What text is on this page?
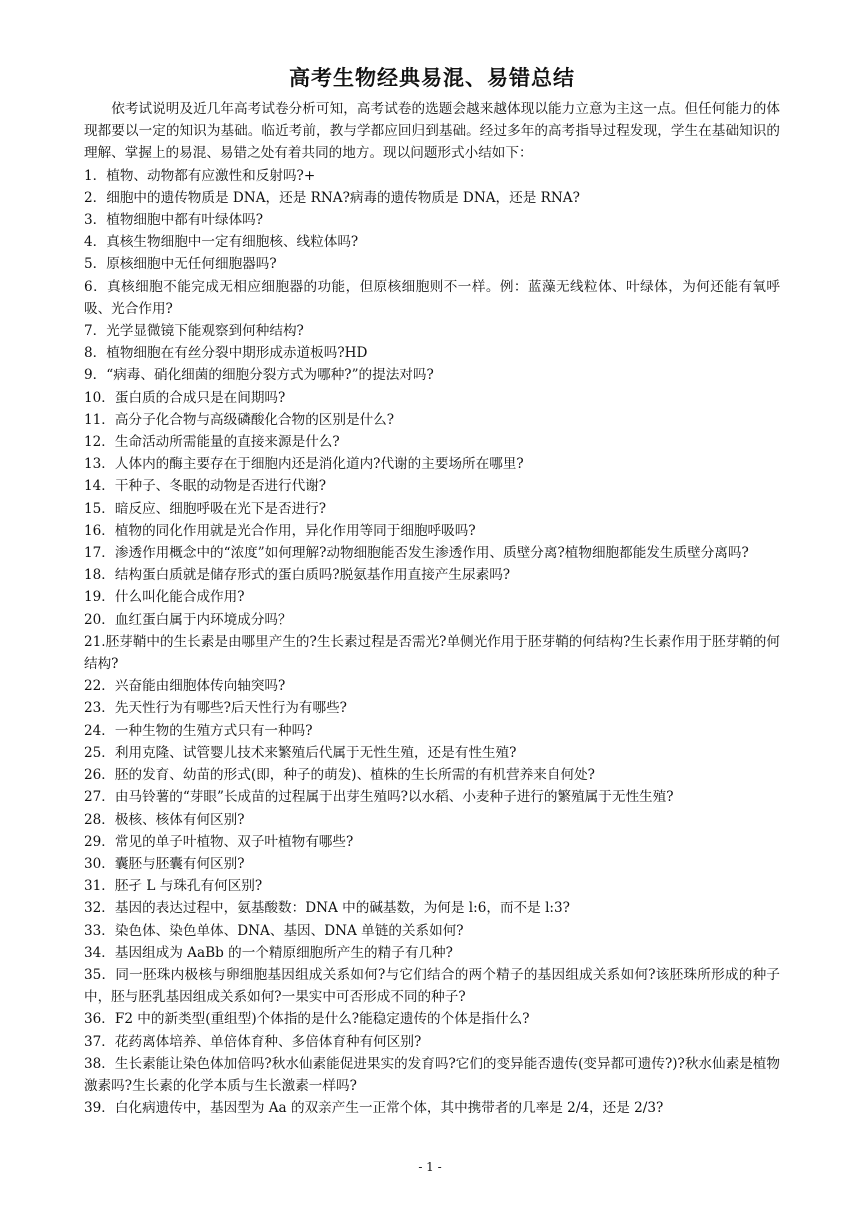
高考生物经典易混、易错总结

依考试说明及近几年高考试卷分析可知，高考试卷的选题会越来越体现以能力立意为主这一点。但任何能力的体现都要以一定的知识为基础。临近考前，教与学都应回归到基础。经过多年的高考指导过程发现，学生在基础知识的理解、掌握上的易混、易错之处有着共同的地方。现以问题形式小结如下：

1．植物、动物都有应激性和反射吗?+
2．细胞中的遗传物质是 DNA，还是 RNA?病毒的遗传物质是 DNA，还是 RNA?
3．植物细胞中都有叶绿体吗?
4．真核生物细胞中一定有细胞核、线粒体吗?
5．原核细胞中无任何细胞器吗?
6．真核细胞不能完成无相应细胞器的功能，但原核细胞则不一样。例：蓝藻无线粒体、叶绿体，为何还能有氧呼吸、光合作用?
7．光学显微镜下能观察到何种结构?
8．植物细胞在有丝分裂中期形成赤道板吗?HD
9．“病毒、硝化细菌的细胞分裂方式为哪种?”的提法对吗?
10．蛋白质的合成只是在间期吗?
11．高分子化合物与高级磷酸化合物的区别是什么?
12．生命活动所需能量的直接来源是什么?
13．人体内的酶主要存在于细胞内还是消化道内?代谢的主要场所在哪里?
14．干种子、冬眠的动物是否进行代谢?
15．暗反应、细胞呼吸在光下是否进行?
16．植物的同化作用就是光合作用，异化作用等同于细胞呼吸吗?
17．渗透作用概念中的“浓度”如何理解?动物细胞能否发生渗透作用、质壁分离?植物细胞都能发生质壁分离吗?
18．结构蛋白质就是储存形式的蛋白质吗?脱氨基作用直接产生尿素吗?
19．什么叫化能合成作用?
20．血红蛋白属于内环境成分吗？
21.胚芽鞘中的生长素是由哪里产生的?生长素过程是否需光?单侧光作用于胚芽鞘的何结构?生长素作用于胚芽鞘的何结构?
22．兴奋能由细胞体传向轴突吗?
23．先天性行为有哪些?后天性行为有哪些?
24．一种生物的生殖方式只有一种吗?
25．利用克隆、试管婴儿技术来繁殖后代属于无性生殖，还是有性生殖?
26．胚的发育、幼苗的形式(即，种子的萌发)、植株的生长所需的有机营养来自何处?
27．由马铃薯的“芽眼”长成苗的过程属于出芽生殖吗?以水稻、小麦种子进行的繁殖属于无性生殖?
28．极核、核体有何区别?
29．常见的单子叶植物、双子叶植物有哪些?
30．囊胚与胚囊有何区别?
31．胚孑 L 与珠孔有何区别?
32．基因的表达过程中，氨基酸数：DNA 中的碱基数，为何是 l:6，而不是 l:3?
33．染色体、染色单体、DNA、基因、DNA 单链的关系如何?
34．基因组成为 AaBb 的一个精原细胞所产生的精子有几种?
35．同一胚珠内极核与卵细胞基因组成关系如何?与它们结合的两个精子的基因组成关系如何?该胚珠所形成的种子中，胚与胚乳基因组成关系如何?一果实中可否形成不同的种子?
36．F2 中的新类型(重组型)个体指的是什么?能稳定遗传的个体是指什么?
37．花药离体培养、单倍体育种、多倍体育种有何区别?
38．生长素能让染色体加倍吗?秋水仙素能促进果实的发育吗?它们的变异能否遗传(变异都可遗传?)?秋水仙素是植物激素吗?生长素的化学本质与生长激素一样吗?
39．白化病遗传中，基因型为 Aa 的双亲产生一正常个体，其中携带者的几率是 2/4，还是 2/3?
- 1 -
